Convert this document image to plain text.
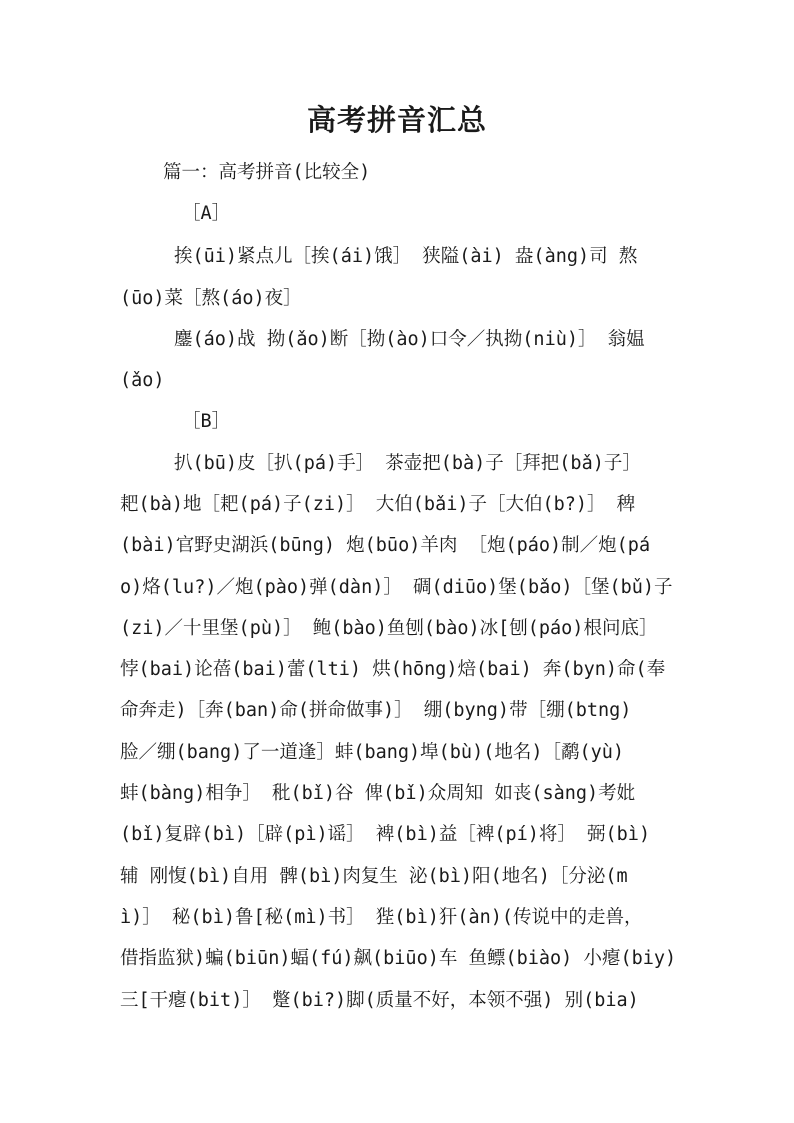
高考拼音汇总

篇一：高考拼音(比较全)

［A］

挨(ūi)紧点儿［挨(ái)饿］ 狭隘(ài) 盎(àng)司 熬

(ūo)菜［熬(áo)夜］

鏖(áo)战 拗(ǎo)断［拗(ào)口令／执拗(niù)］ 翁媪

(ǎo)

［B］

扒(bū)皮［扒(pá)手］ 茶壶把(bà)子［拜把(bǎ)子］

耙(bà)地［耙(pá)子(zi)］ 大伯(bǎi)子［大伯(b?)］ 稗

(bài)官野史湖浜(būng) 炮(būo)羊肉 ［炮(páo)制／炮(pá

o)烙(lu?)／炮(pào)弹(dàn)］ 碉(diūo)堡(bǎo)［堡(bǔ)子

(zi)／十里堡(pù)］ 鲍(bào)鱼刨(bào)冰[刨(páo)根问底］

悖(bai)论蓓(bai)蕾(lti) 烘(hōng)焙(bai) 奔(byn)命(奉

命奔走)［奔(ban)命(拼命做事)］ 绷(byng)带［绷(btng)

脸／绷(bang)了一道逢］蚌(bang)埠(bù)(地名)［鹬(yù)

蚌(bàng)相争］ 秕(bǐ)谷 俾(bǐ)众周知 如丧(sàng)考妣

(bǐ)复辟(bì)［辟(pì)谣］ 裨(bì)益［裨(pí)将］ 弼(bì)

辅 刚愎(bì)自用 髀(bì)肉复生 泌(bì)阳(地名)［分泌(m

ì)］ 秘(bì)鲁[秘(mì)书］ 狴(bì)犴(àn)(传说中的走兽，

借指监狱)蝙(biūn)蝠(fú)飙(biūo)车 鱼鳔(biào) 小瘪(biy)

三[干瘪(bit)］ 蹩(bi?)脚(质量不好，本领不强) 别(bia)
